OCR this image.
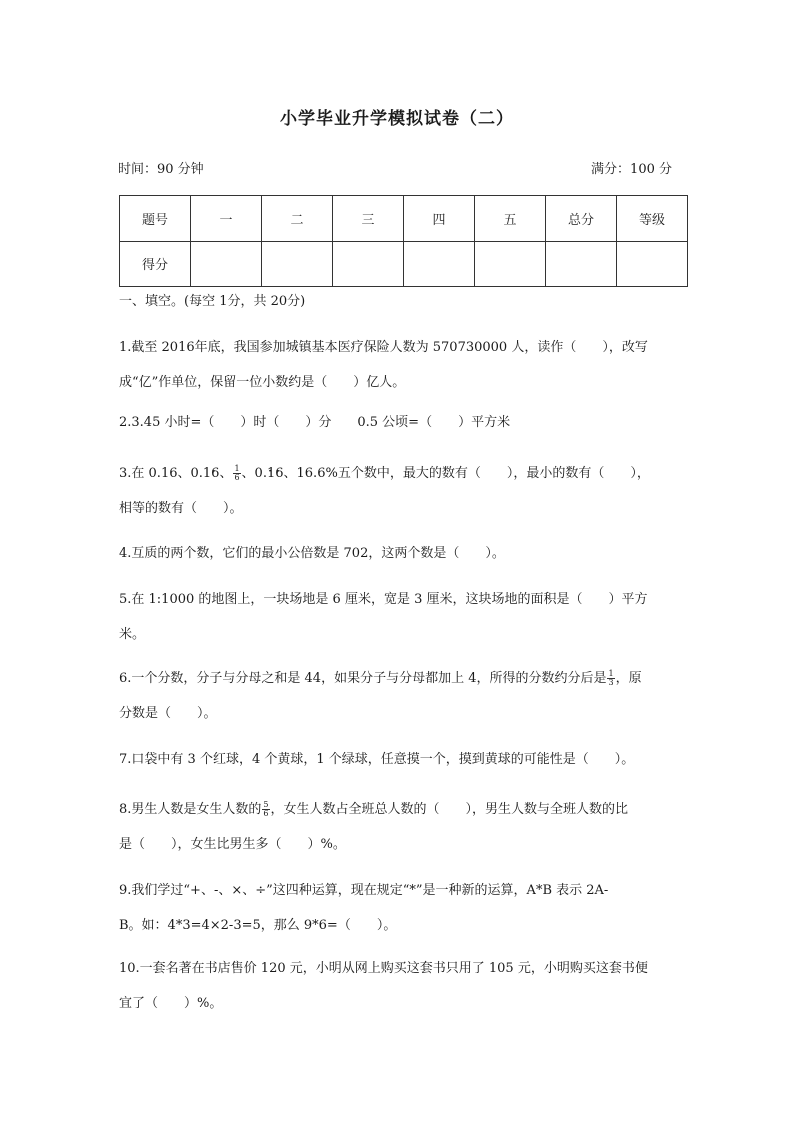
小学毕业升学模拟试卷（二）
时间：90 分钟	满分：100 分
题号	一	二	三	四	五	总分	等级
得分							
一、填空。(每空 1分，共 20分)
1.截至 2016年底，我国参加城镇基本医疗保险人数为 570730000 人，读作（　　），改写
成“亿”作单位，保留一位小数约是（　　）亿人。
2.3.45 小时=（　　）时（　　）分　　0.5 公顷=（　　）平方米
3.在 0.16、0.16 ·、 $\frac{1}{6}$ 、0.1 ·6 ·、16.6%五个数中，最大的数有（　　），最小的数有（　　），
相等的数有（　　）。
4.互质的两个数，它们的最小公倍数是 702，这两个数是（　　）。
5.在 1:1000 的地图上，一块场地是 6 厘米，宽是 3 厘米，这块场地的面积是（　　）平方
米。
6.一个分数，分子与分母之和是 44，如果分子与分母都加上 4，所得的分数约分后是 $\frac{1}{3}$ ，原
分数是（　　）。
7.口袋中有 3 个红球，4 个黄球，1 个绿球，任意摸一个，摸到黄球的可能性是（　　）。
8.男生人数是女生人数的 $\frac{5}{6}$ ，女生人数占全班总人数的（　　），男生人数与全班人数的比
是（　　），女生比男生多（　　）%。
9.我们学过“+、-、×、÷”这四种运算，现在规定“*”是一种新的运算，A*B 表示 2A-
B。如：4*3=4×2-3=5，那么 9*6=（　　）。
10.一套名著在书店售价 120 元，小明从网上购买这套书只用了 105 元，小明购买这套书便
宜了（　　）%。
